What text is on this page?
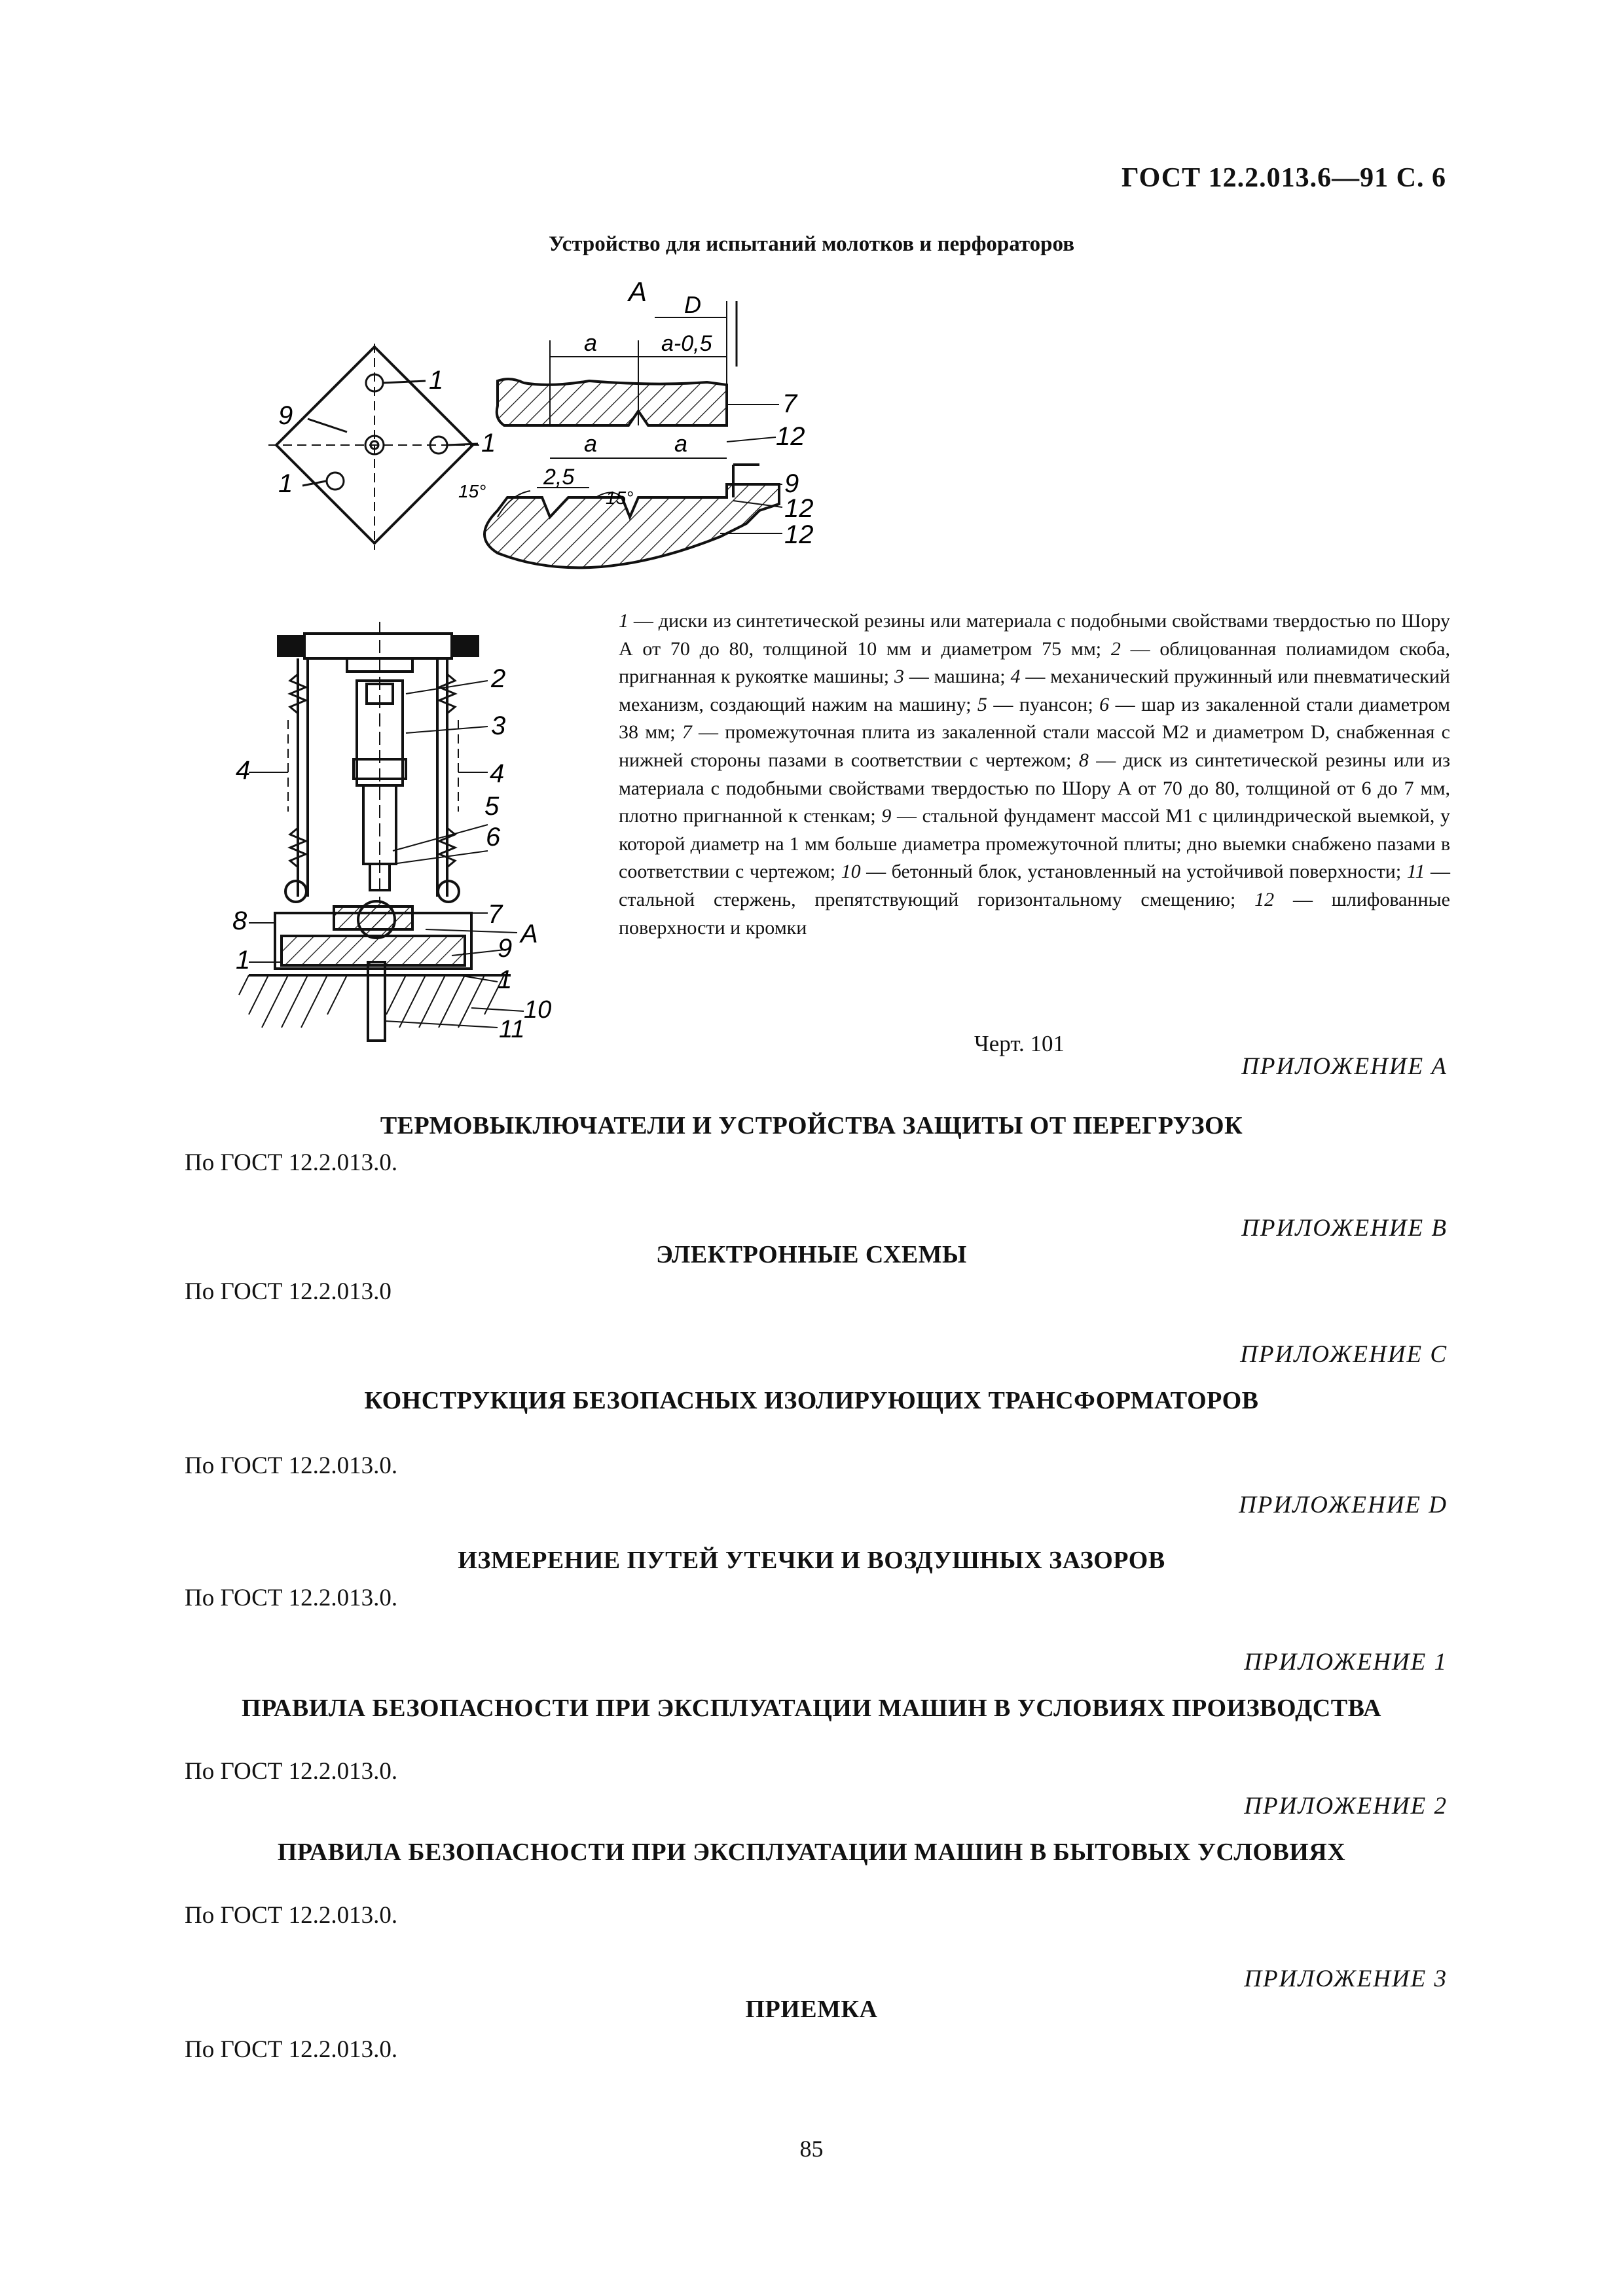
ГОСТ 12.2.013.6—91 С. 6
Устройство для испытаний молотков и перфораторов
1
1
1
9
А
a	a-0,5
D
a	a
2,5
15°	15°
7
12
9
12
12
2
3
4	4
5
6
7
8	А
9
1
1
10
11
1 — диски из синтетической резины или материала с подобными свойствами твердостью по Шору А от 70 до 80, толщиной 10 мм и диаметром 75 мм; 2 — облицованная полиамидом скоба, пригнанная к рукоятке машины; 3 — машина; 4 — механический пружинный или пневматический механизм, создающий нажим на машину; 5 — пуансон; 6 — шар из закаленной стали диаметром 38 мм; 7 — промежуточная плита из закаленной стали массой M2 и диаметром D, снабженная с нижней стороны пазами в соответствии с чертежом; 8 — диск из синтетической резины или из материала с подобными свойствами твердостью по Шору А от 70 до 80, толщиной от 6 до 7 мм, плотно пригнанной к стенкам; 9 — стальной фундамент массой M1 с цилиндрической выемкой, у которой диаметр на 1 мм больше диаметра промежуточной плиты; дно выемки снабжено пазами в соответствии с чертежом; 10 — бетонный блок, установленный на устойчивой поверхности; 11 — стальной стержень, препятствующий горизонтальному смещению; 12 — шлифованные поверхности и кромки
Черт. 101
ПРИЛОЖЕНИЕ А
ТЕРМОВЫКЛЮЧАТЕЛИ И УСТРОЙСТВА ЗАЩИТЫ ОТ ПЕРЕГРУЗОК
По ГОСТ 12.2.013.0.
ПРИЛОЖЕНИЕ В
ЭЛЕКТРОННЫЕ СХЕМЫ
По ГОСТ 12.2.013.0
ПРИЛОЖЕНИЕ С
КОНСТРУКЦИЯ БЕЗОПАСНЫХ ИЗОЛИРУЮЩИХ ТРАНСФОРМАТОРОВ
По ГОСТ 12.2.013.0.
ПРИЛОЖЕНИЕ D
ИЗМЕРЕНИЕ ПУТЕЙ УТЕЧКИ И ВОЗДУШНЫХ ЗАЗОРОВ
По ГОСТ 12.2.013.0.
ПРИЛОЖЕНИЕ 1
ПРАВИЛА БЕЗОПАСНОСТИ ПРИ ЭКСПЛУАТАЦИИ МАШИН В УСЛОВИЯХ ПРОИЗВОДСТВА
По ГОСТ 12.2.013.0.
ПРИЛОЖЕНИЕ 2
ПРАВИЛА БЕЗОПАСНОСТИ ПРИ ЭКСПЛУАТАЦИИ МАШИН В БЫТОВЫХ УСЛОВИЯХ
По ГОСТ 12.2.013.0.
ПРИЛОЖЕНИЕ 3
ПРИЕМКА
По ГОСТ 12.2.013.0.
85
